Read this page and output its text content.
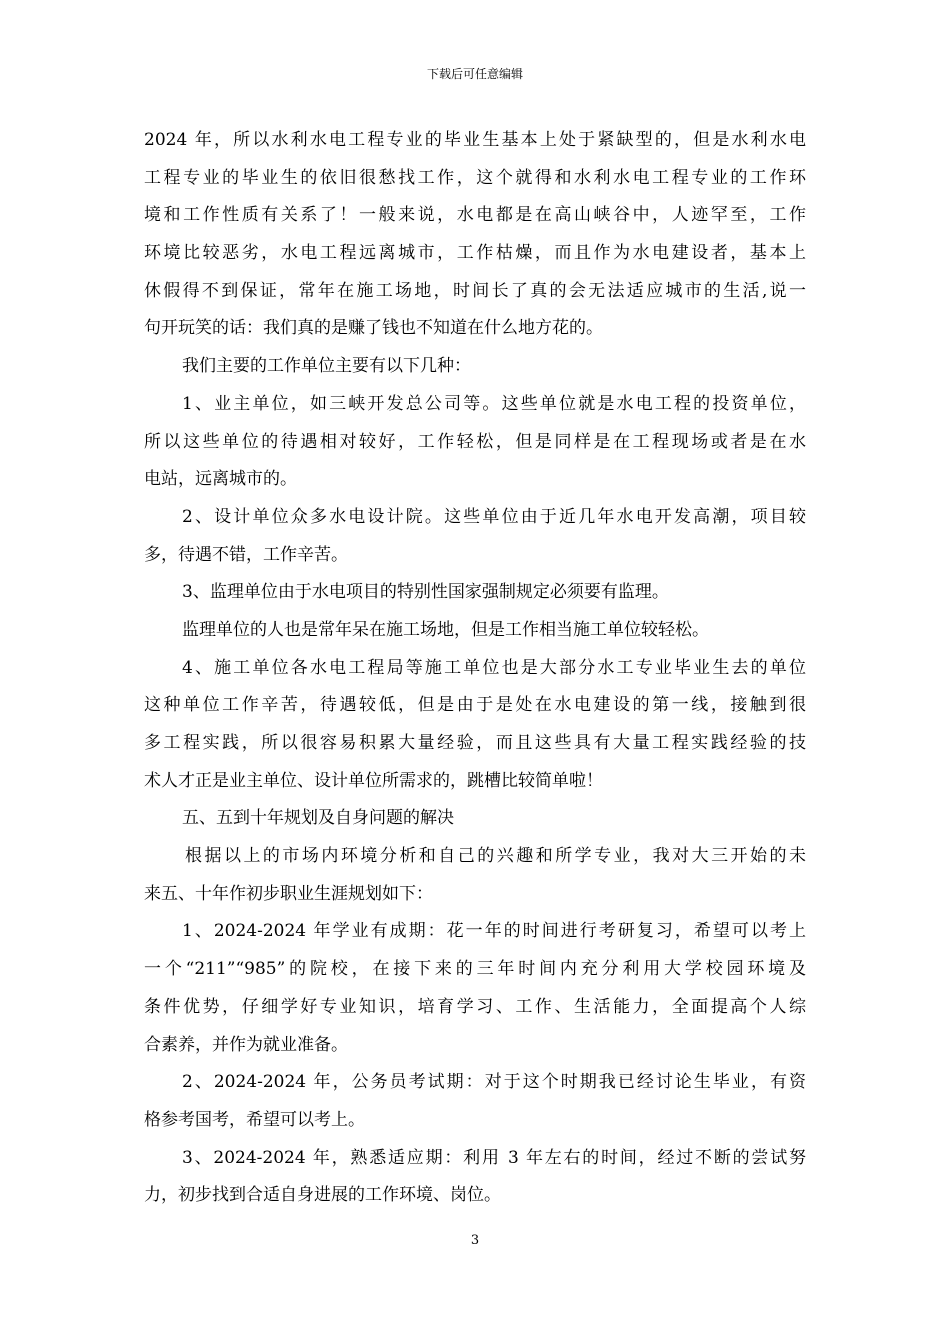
下载后可任意编辑
2024 年，所以水利水电工程专业的毕业生基本上处于紧缺型的，但是水利水电
工程专业的毕业生的依旧很愁找工作，这个就得和水利水电工程专业的工作环
境和工作性质有关系了！一般来说，水电都是在高山峡谷中，人迹罕至，工作
环境比较恶劣，水电工程远离城市，工作枯燥，而且作为水电建设者，基本上
休假得不到保证，常年在施工场地，时间长了真的会无法适应城市的生活,说一
句开玩笑的话：我们真的是赚了钱也不知道在什么地方花的。
我们主要的工作单位主要有以下几种：
1、业主单位，如三峡开发总公司等。这些单位就是水电工程的投资单位，
所以这些单位的待遇相对较好，工作轻松，但是同样是在工程现场或者是在水
电站，远离城市的。
2、设计单位众多水电设计院。这些单位由于近几年水电开发高潮，项目较
多，待遇不错，工作辛苦。
3、监理单位由于水电项目的特别性国家强制规定必须要有监理。
监理单位的人也是常年呆在施工场地，但是工作相当施工单位较轻松。
4、施工单位各水电工程局等施工单位也是大部分水工专业毕业生去的单位
这种单位工作辛苦，待遇较低，但是由于是处在水电建设的第一线，接触到很
多工程实践，所以很容易积累大量经验，而且这些具有大量工程实践经验的技
术人才正是业主单位、设计单位所需求的，跳槽比较简单啦！
五、五到十年规划及自身问题的解决
根据以上的市场内环境分析和自己的兴趣和所学专业，我对大三开始的未
来五、十年作初步职业生涯规划如下：
1、2024-2024 年学业有成期：花一年的时间进行考研复习，希望可以考上
一个“211”“985”的院校，在接下来的三年时间内充分利用大学校园环境及
条件优势，仔细学好专业知识，培育学习、工作、生活能力，全面提高个人综
合素养，并作为就业准备。
2、2024-2024 年，公务员考试期：对于这个时期我已经讨论生毕业，有资
格参考国考，希望可以考上。
3、2024-2024 年，熟悉适应期：利用 3 年左右的时间，经过不断的尝试努
力，初步找到合适自身进展的工作环境、岗位。
3
